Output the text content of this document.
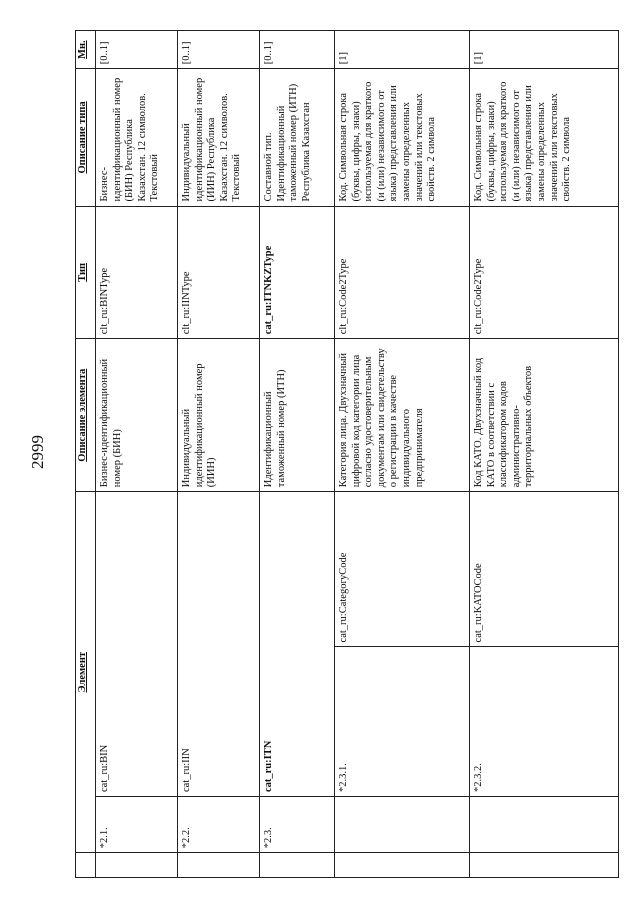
2999
	Элемент			Описание элемента	Тип	Описание типа	Мн.
	*2.1.	cat_ru:BIN		Бизнес-идентификационный номер (БИН)	clt_ru:BINType	Бизнес-идентификационный номер (БИН) Республика Казахстан. 12 символов. Текстовый	[0..1]
	*2.2.	cat_ru:IIN		Индивидуальный идентификационный номер (ИИН)	clt_ru:IINType	Индивидуальный идентификационный номер (ИИН) Республика Казахстан. 12 символов. Текстовый	[0..1]
	*2.3.	cat_ru:ITN		Идентификационный таможенный номер (ИТН)	cat_ru:ITNKZType	Составной тип. Идентификационный таможенный номер (ИТН) Республика Казахстан	[0..1]
		*2.3.1.	cat_ru:CategoryCode	Категория лица. Двухзначный цифровой код категории лица согласно удостоверительным документам или свидетельству о регистрации в качестве индивидуального предпринимателя	clt_ru:Code2Type	Код. Символьная строка (буквы, цифры, знаки) используемая для краткого (и (или) независимого от языка) представления или замены определенных значений или текстовых свойств. 2 символа	[1]
		*2.3.2.	cat_ru:KATOCode	Код КАТО. Двухзначный код КАТО в соответствии с классификатором кодов административно-территориальных объектов	clt_ru:Code2Type	Код. Символьная строка (буквы, цифры, знаки) используемая для краткого (и (или) независимого от языка) представления или замены определенных значений или текстовых свойств. 2 символа	[1]
